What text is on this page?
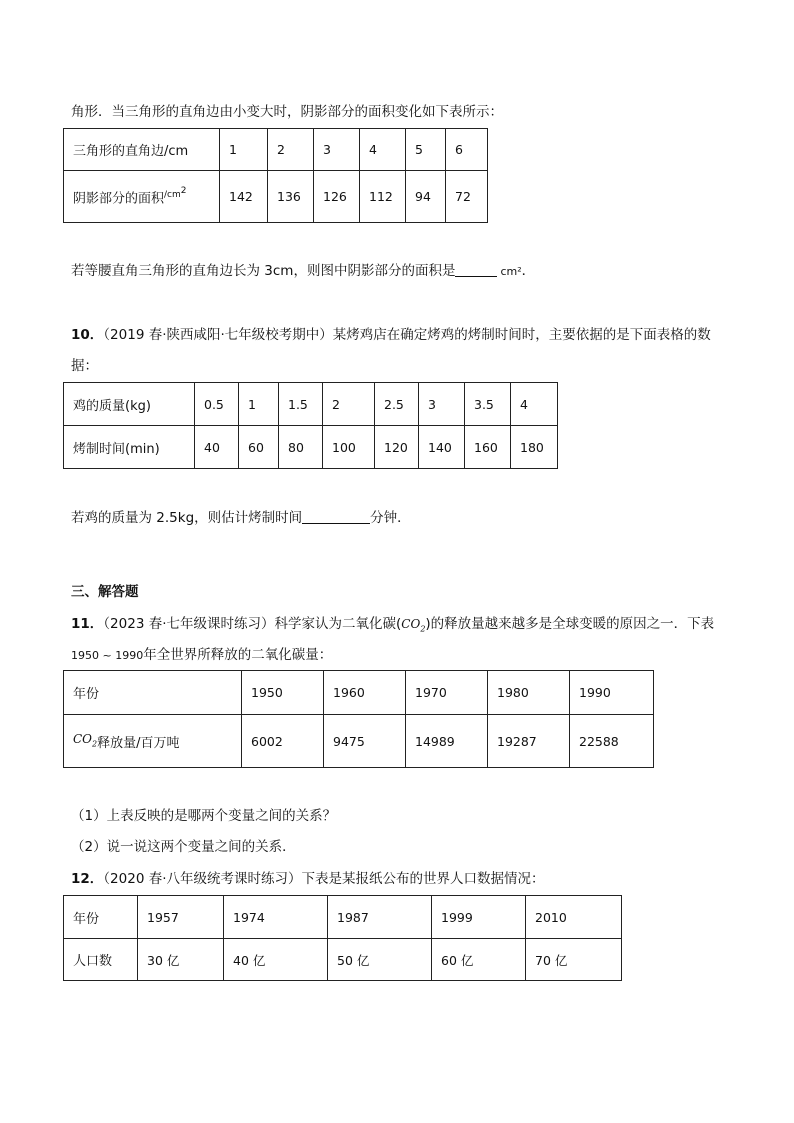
角形．当三角形的直角边由小变大时，阴影部分的面积变化如下表所示：
三角形的直角边/cm	1	2	3	4	5	6
阴影部分的面积$^{/cm^2}$	142	136	126	112	94	72
若等腰直角三角形的直角边长为 3cm，则图中阴影部分的面积是	cm²．
10．（2019 春·陕西咸阳·七年级校考期中）某烤鸡店在确定烤鸡的烤制时间时，主要依据的是下面表格的数
据：
鸡的质量(kg)	0.5	1	1.5	2	2.5	3	3.5	4
烤制时间(min)	40	60	80	100	120	140	160	180
若鸡的质量为 2.5kg，则估计烤制时间	分钟．
三、解答题
11．（2023 春·七年级课时练习）科学家认为二氧化碳$(CO_2)$的释放量越来越多是全球变暖的原因之一．下表
1950 ~ 1990年全世界所释放的二氧化碳量：
年份	1950	1960	1970	1980	1990
$CO_2$释放量/百万吨	6002	9475	14989	19287	22588
（1）上表反映的是哪两个变量之间的关系？
（2）说一说这两个变量之间的关系．
12．（2020 春·八年级统考课时练习）下表是某报纸公布的世界人口数据情况：
年份	1957	1974	1987	1999	2010
人口数	30 亿	40 亿	50 亿	60 亿	70 亿
